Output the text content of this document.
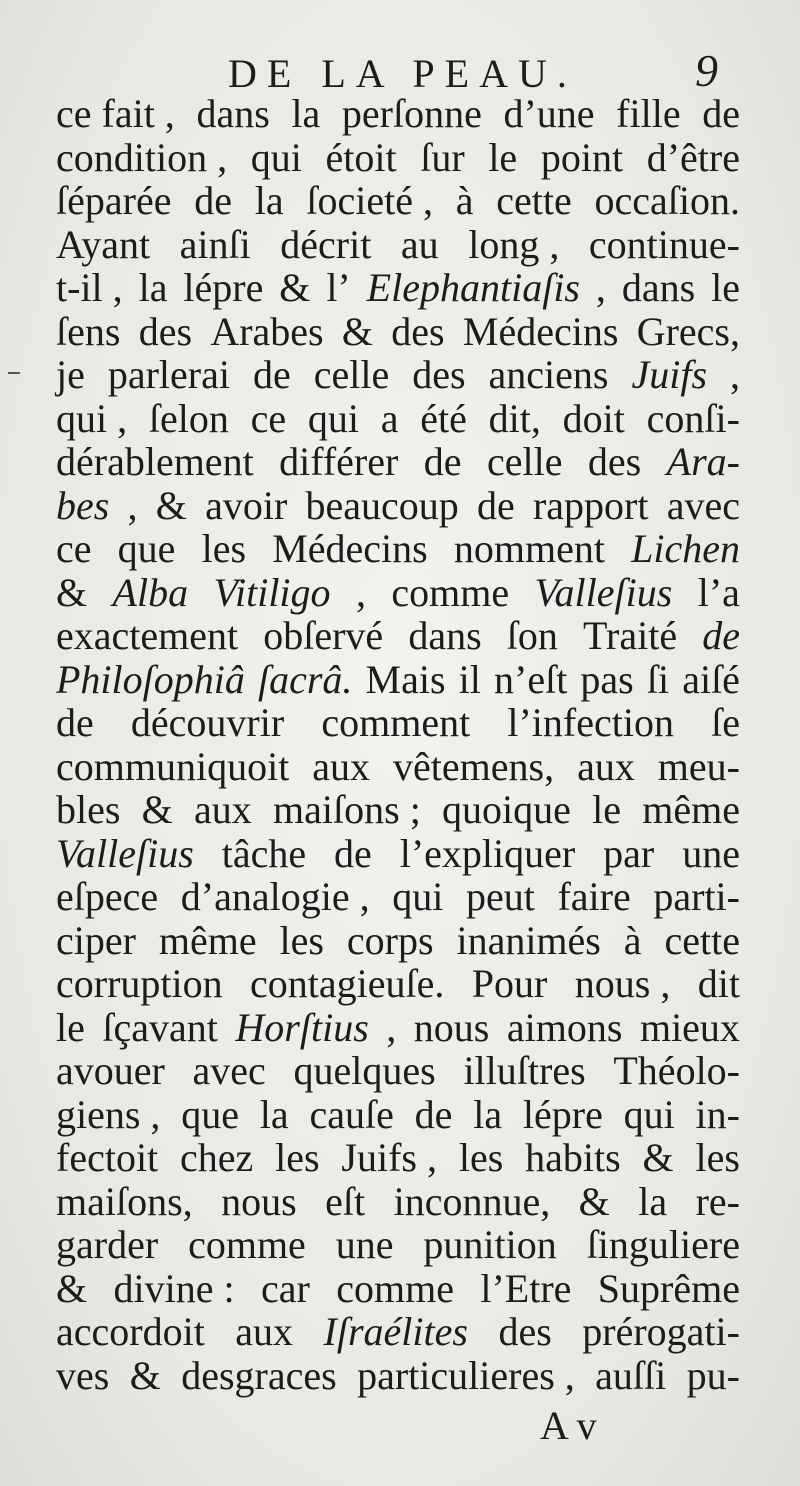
DE LA PEAU.	9
ce fait , dans la perſonne d’une fille de
condition , qui étoit ſur le point d’être
ſéparée de la ſocieté , à cette occaſion.
Ayant ainſi décrit au long , continue-
t-il , la lépre & l’ Elephantiaſis , dans le
ſens des Arabes & des Médecins Grecs,
je parlerai de celle des anciens Juifs ,
qui , ſelon ce qui a été dit, doit conſi-
dérablement différer de celle des Ara-
bes , & avoir beaucoup de rapport avec
ce que les Médecins nomment Lichen
& Alba Vitiligo , comme Valleſius l’a
exactement obſervé dans ſon Traité de
Philoſophiâ ſacrâ. Mais il n’eſt pas ſi aiſé
de découvrir comment l’infection ſe
communiquoit aux vêtemens, aux meu-
bles & aux maiſons ; quoique le même
Valleſius tâche de l’expliquer par une
eſpece d’analogie , qui peut faire parti-
ciper même les corps inanimés à cette
corruption contagieuſe. Pour nous , dit
le ſçavant Horſtius , nous aimons mieux
avouer avec quelques illuſtres Théolo-
giens , que la cauſe de la lépre qui in-
fectoit chez les Juifs , les habits & les
maiſons, nous eſt inconnue, & la re-
garder comme une punition ſinguliere
& divine : car comme l’Etre Suprême
accordoit aux Iſraélites des prérogati-
ves & desgraces particulieres , auſſi pu-
A v
